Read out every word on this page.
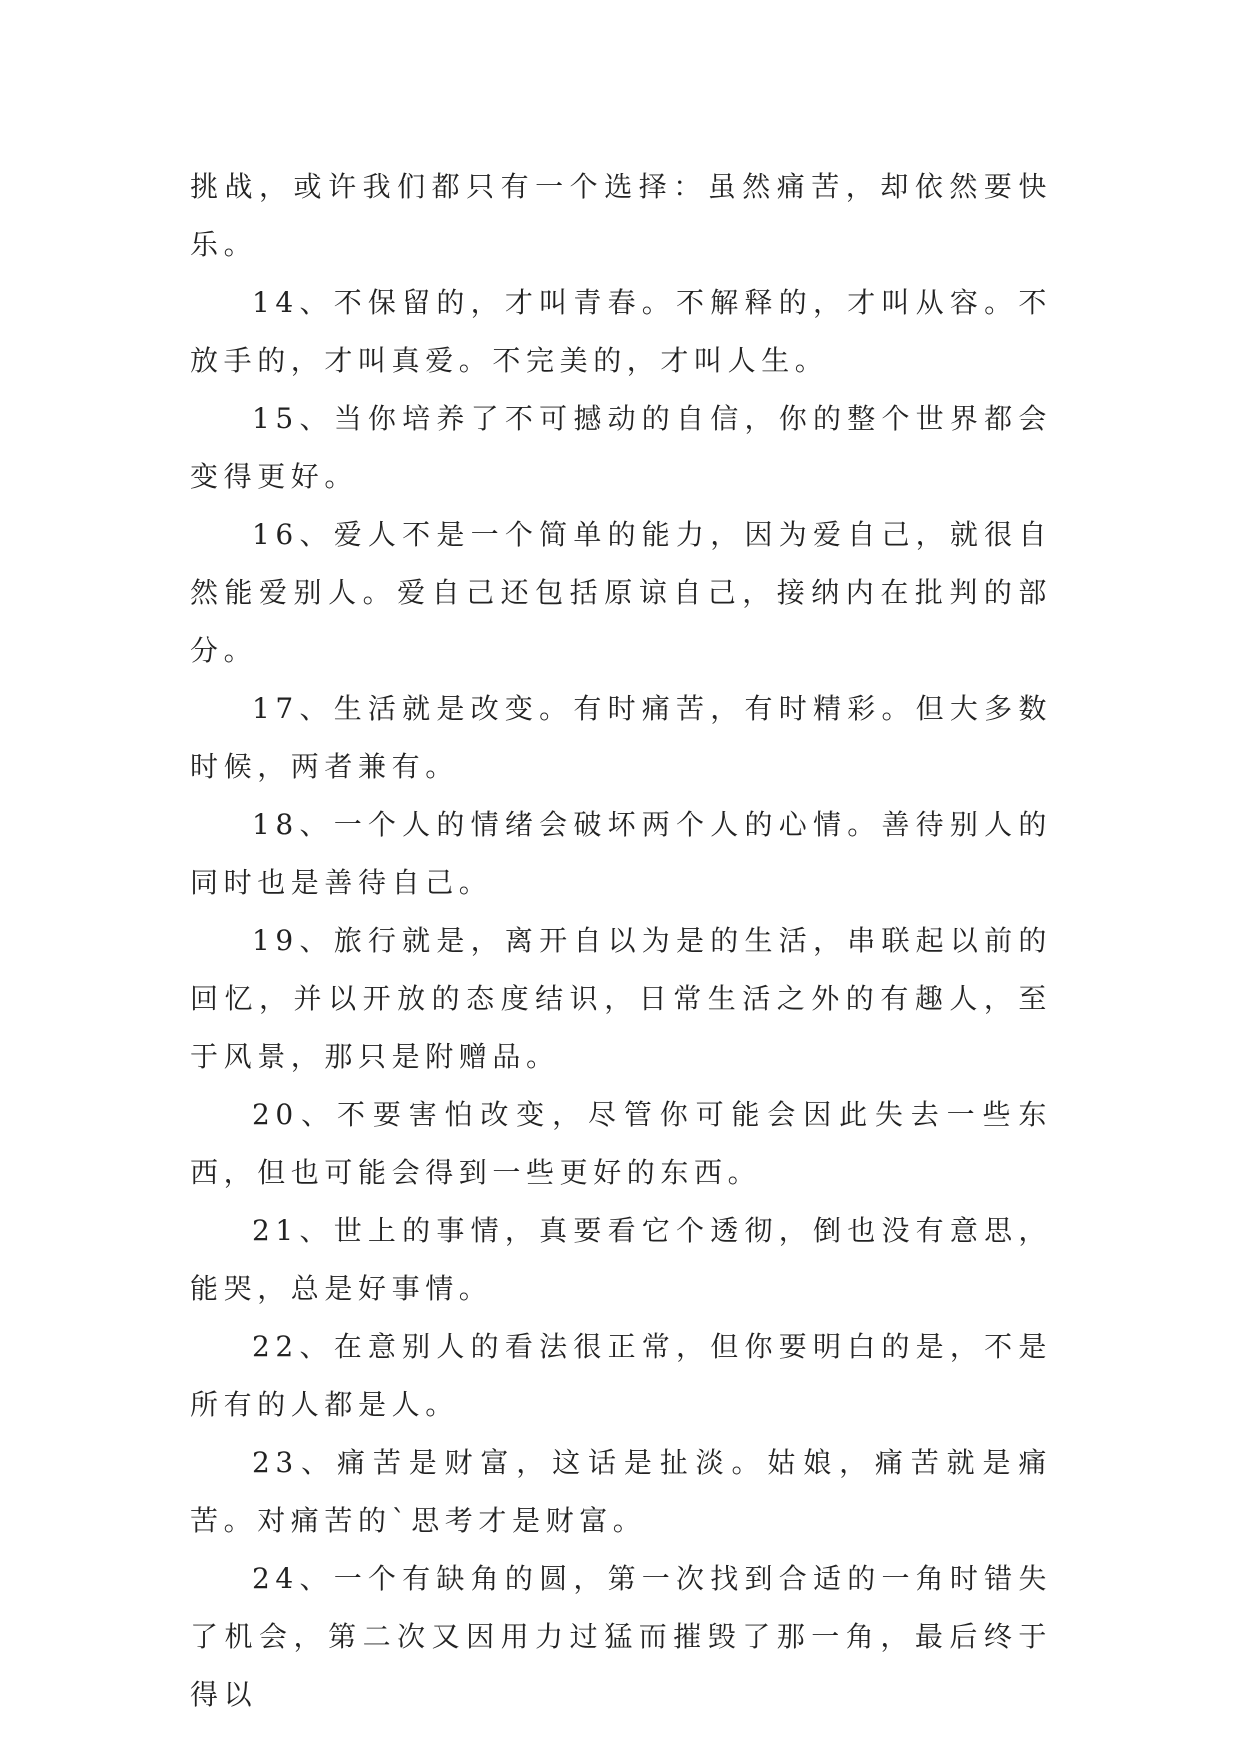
挑战，或许我们都只有一个选择：虽然痛苦，却依然要快乐。

14、不保留的，才叫青春。不解释的，才叫从容。不放手的，才叫真爱。不完美的，才叫人生。

15、当你培养了不可撼动的自信，你的整个世界都会变得更好。

16、爱人不是一个简单的能力，因为爱自己，就很自然能爱别人。爱自己还包括原谅自己，接纳内在批判的部分。

17、生活就是改变。有时痛苦，有时精彩。但大多数时候，两者兼有。

18、一个人的情绪会破坏两个人的心情。善待别人的同时也是善待自己。

19、旅行就是，离开自以为是的生活，串联起以前的回忆，并以开放的态度结识，日常生活之外的有趣人，至于风景，那只是附赠品。

20、不要害怕改变，尽管你可能会因此失去一些东西，但也可能会得到一些更好的东西。

21、世上的事情，真要看它个透彻，倒也没有意思，能哭，总是好事情。

22、在意别人的看法很正常，但你要明白的是，不是所有的人都是人。

23、痛苦是财富，这话是扯淡。姑娘，痛苦就是痛苦。对痛苦的`思考才是财富。

24、一个有缺角的圆，第一次找到合适的一角时错失了机会，第二次又因用力过猛而摧毁了那一角，最后终于得以
